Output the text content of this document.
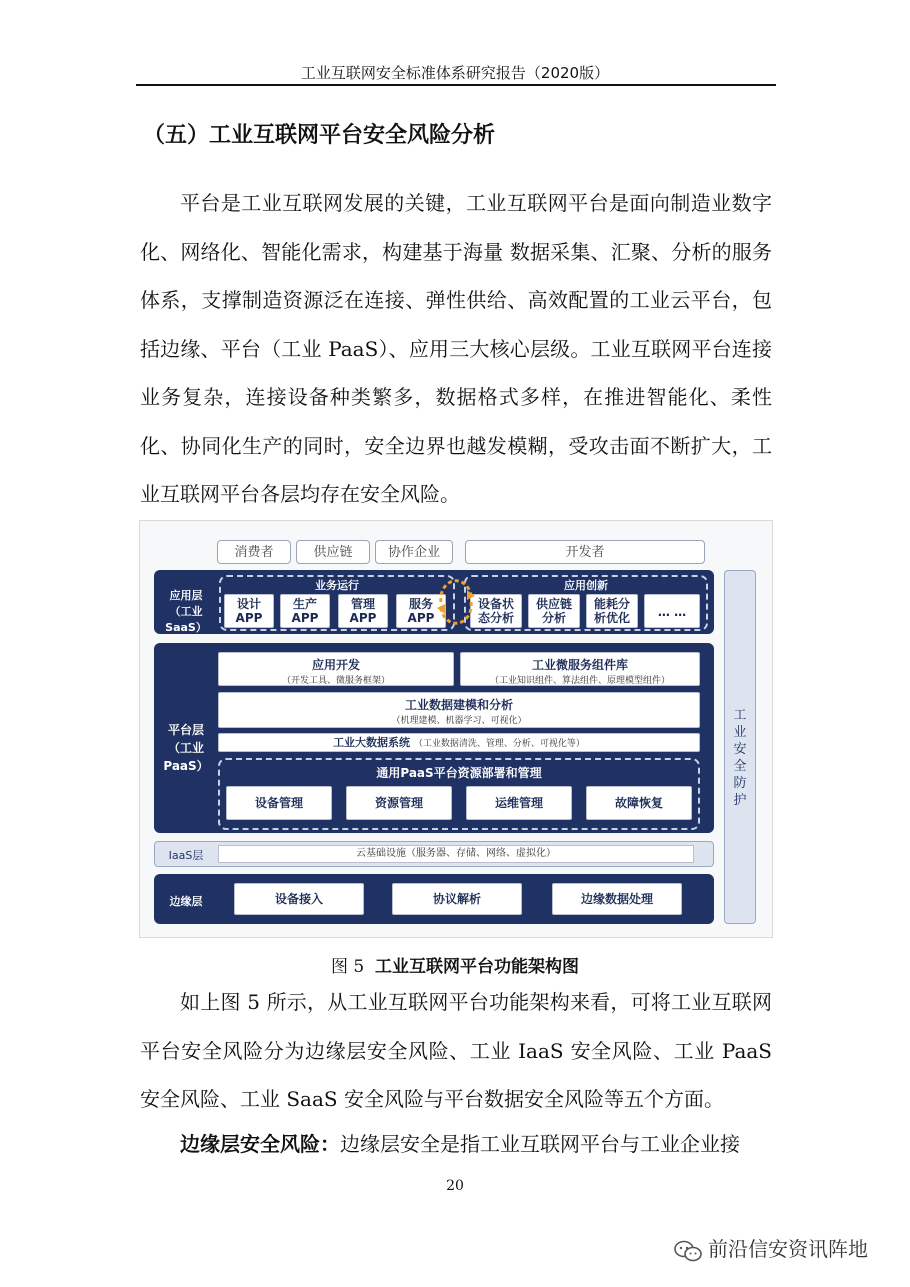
工业互联网安全标准体系研究报告（2020版）
（五）工业互联网平台安全风险分析
平台是工业互联网发展的关键，工业互联网平台是面向制造业数字化、网络化、智能化需求，构建基于海量 数据采集、汇聚、分析的服务体系，支撑制造资源泛在连接、弹性供给、高效配置的工业云平台，包括边缘、平台（工业 PaaS）、应用三大核心层级。工业互联网平台连接业务复杂，连接设备种类繁多，数据格式多样，在推进智能化、柔性化、协同化生产的同时，安全边界也越发模糊，受攻击面不断扩大，工业互联网平台各层均存在安全风险。
消费者	供应链	协作企业	开发者
应用层
（工业SaaS）
业务运行	应用创新
设计
APP
生产
APP
管理
APP
服务
APP
设备状
态分析
供应链
分析
能耗分
析优化	… …
平台层
（工业PaaS）
应用开发
（开发工具、微服务框架）
工业微服务组件库
（工业知识组件、算法组件、原理模型组件）
工业数据建模和分析
（机理建模、机器学习、可视化）
工业大数据系统 （工业数据清洗、管理、分析、可视化等）
通用PaaS平台资源部署和管理
设备管理	资源管理	运维管理	故障恢复
IaaS层	云基础设施（服务器、存储、网络、虚拟化）
边缘层	设备接入	协议解析	边缘数据处理
工
业
安
全
防
护
图 5 工业互联网平台功能架构图
如上图 5 所示，从工业互联网平台功能架构来看，可将工业互联网平台安全风险分为边缘层安全风险、工业 IaaS 安全风险、工业 PaaS 安全风险、工业 SaaS 安全风险与平台数据安全风险等五个方面。
边缘层安全风险：边缘层安全是指工业互联网平台与工业企业接
20
前沿信安资讯阵地
